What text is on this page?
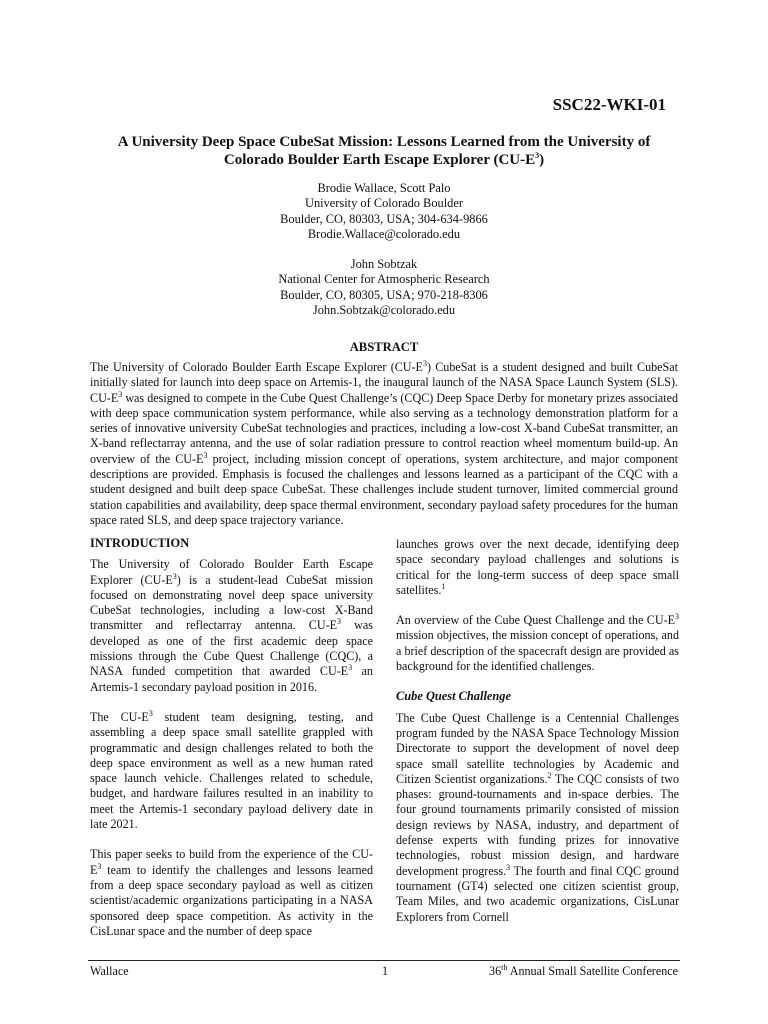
SSC22-WKI-01
A University Deep Space CubeSat Mission: Lessons Learned from the University of
Colorado Boulder Earth Escape Explorer $(CU-E^3)$
Brodie Wallace, Scott Palo
University of Colorado Boulder
Boulder, CO, 80303, USA; 304-634-9866
Brodie.Wallace@colorado.edu
John Sobtzak
National Center for Atmospheric Research
Boulder, CO, 80305, USA; 970-218-8306
John.Sobtzak@colorado.edu
ABSTRACT
The University of Colorado Boulder Earth Escape Explorer $(CU-E^3)$ CubeSat is a student designed and built CubeSat initially slated for launch into deep space on Artemis-1, the inaugural launch of the NASA Space Launch System (SLS). $CU-E^3$ was designed to compete in the Cube Quest Challenge’s (CQC) Deep Space Derby for monetary prizes associated with deep space communication system performance, while also serving as a technology demonstration platform for a series of innovative university CubeSat technologies and practices, including a low-cost X-band CubeSat transmitter, an X-band reflectarray antenna, and the use of solar radiation pressure to control reaction wheel momentum build-up. An overview of the $CU-E^3$ project, including mission concept of operations, system architecture, and major component descriptions are provided. Emphasis is focused the challenges and lessons learned as a participant of the CQC with a student designed and built deep space CubeSat. These challenges include student turnover, limited commercial ground station capabilities and availability, deep space thermal environment, secondary payload safety procedures for the human space rated SLS, and deep space trajectory variance.
INTRODUCTION

The University of Colorado Boulder Earth Escape Explorer $(CU-E^3)$ is a student-lead CubeSat mission focused on demonstrating novel deep space university CubeSat technologies, including a low-cost X-Band transmitter and reflectarray antenna. $CU-E^3$ was developed as one of the first academic deep space missions through the Cube Quest Challenge (CQC), a NASA funded competition that awarded $CU-E^3$ an Artemis-1 secondary payload position in 2016.

The $CU-E^3$ student team designing, testing, and assembling a deep space small satellite grappled with programmatic and design challenges related to both the deep space environment as well as a new human rated space launch vehicle. Challenges related to schedule, budget, and hardware failures resulted in an inability to meet the Artemis-1 secondary payload delivery date in late 2021.

This paper seeks to build from the experience of the $CU-E^3$ team to identify the challenges and lessons learned from a deep space secondary payload as well as citizen scientist/academic organizations participating in a NASA sponsored deep space competition. As activity in the CisLunar space and the number of deep space

launches grows over the next decade, identifying deep space secondary payload challenges and solutions is critical for the long-term success of deep space small satellites.$^1$

An overview of the Cube Quest Challenge and the $CU-E^3$ mission objectives, the mission concept of operations, and a brief description of the spacecraft design are provided as background for the identified challenges.

Cube Quest Challenge

The Cube Quest Challenge is a Centennial Challenges program funded by the NASA Space Technology Mission Directorate to support the development of novel deep space small satellite technologies by Academic and Citizen Scientist organizations.$^2$ The CQC consists of two phases: ground-tournaments and in-space derbies. The four ground tournaments primarily consisted of mission design reviews by NASA, industry, and department of defense experts with funding prizes for innovative technologies, robust mission design, and hardware development progress.$^3$ The fourth and final CQC ground tournament (GT4) selected one citizen scientist group, Team Miles, and two academic organizations, CisLunar Explorers from Cornell

Wallace	1	36th Annual Small Satellite Conference
